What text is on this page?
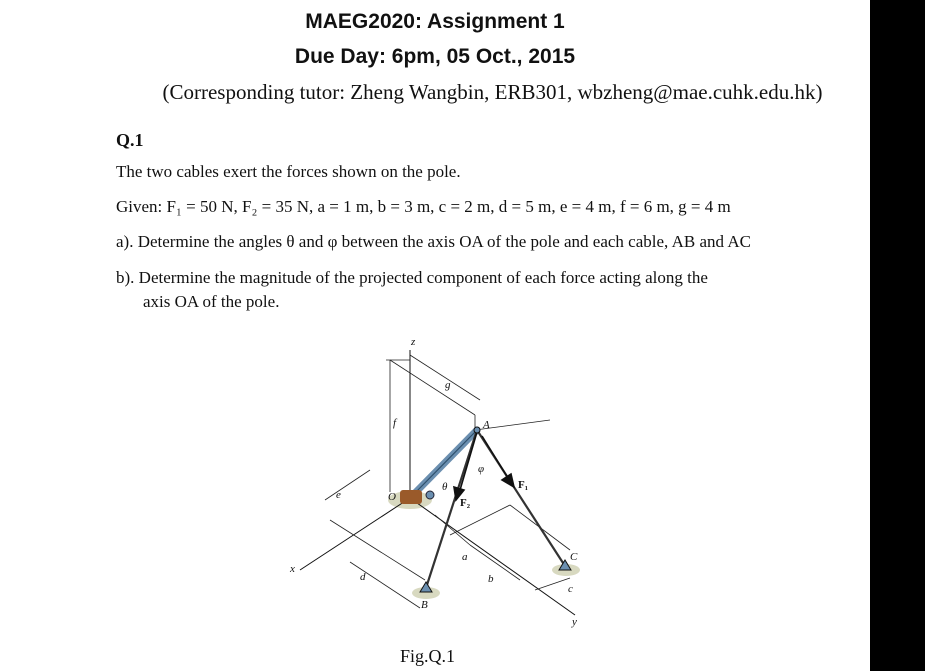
MAEG2020: Assignment 1
Due Day: 6pm, 05 Oct., 2015
(Corresponding tutor: Zheng Wangbin, ERB301, wbzheng@mae.cuhk.edu.hk)
Q.1
The two cables exert the forces shown on the pole.
Given: F₁ = 50 N, F₂ = 35 N, a = 1 m, b = 3 m, c = 2 m, d = 5 m, e = 4 m, f = 6 m, g = 4 m
a). Determine the angles θ and φ between the axis OA of the pole and each cable, AB and AC
b). Determine the magnitude of the projected component of each force acting along the
axis OA of the pole.
z
g
f	A
φ
θ
O
e
x
d
a
b
B
C
c
y
F₁
F₂
Fig.Q.1
